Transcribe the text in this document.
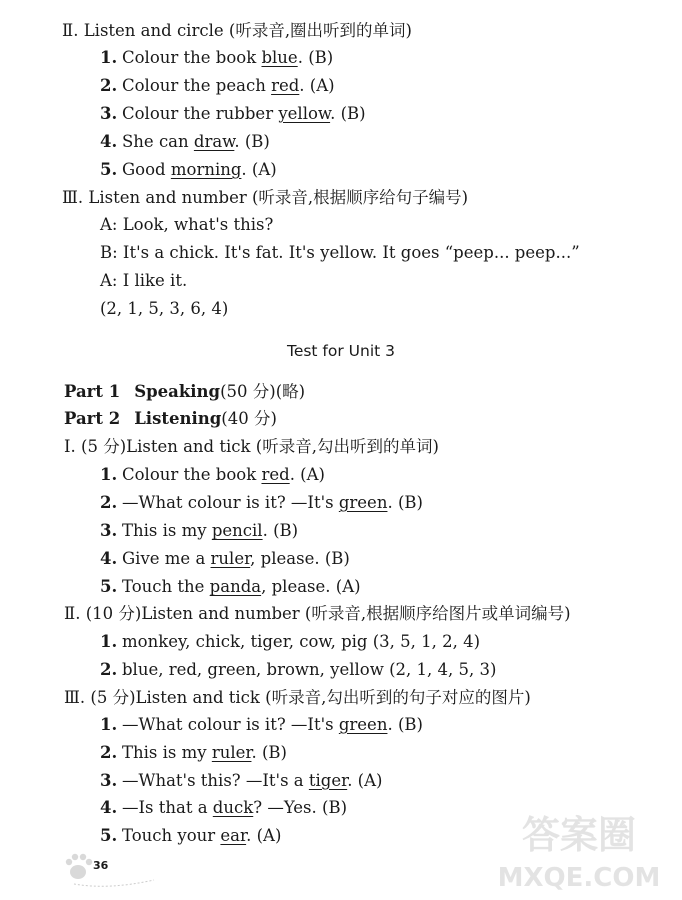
Ⅱ. Listen and circle (听录音,圈出听到的单词)
1. Colour the book blue. (B)
2. Colour the peach red. (A)
3. Colour the rubber yellow. (B)
4. She can draw. (B)
5. Good morning. (A)
Ⅲ. Listen and number (听录音,根据顺序给句子编号)
A: Look, what's this?
B: It's a chick. It's fat. It's yellow. It goes “peep... peep...”
A: I like it.
(2, 1, 5, 3, 6, 4)
Test for Unit 3
Part 1 Speaking(50 分)(略)
Part 2 Listening(40 分)
Ⅰ. (5 分)Listen and tick (听录音,勾出听到的单词)
1. Colour the book red. (A)
2. —What colour is it? —It's green. (B)
3. This is my pencil. (B)
4. Give me a ruler, please. (B)
5. Touch the panda, please. (A)
Ⅱ. (10 分)Listen and number (听录音,根据顺序给图片或单词编号)
1. monkey, chick, tiger, cow, pig (3, 5, 1, 2, 4)
2. blue, red, green, brown, yellow (2, 1, 4, 5, 3)
Ⅲ. (5 分)Listen and tick (听录音,勾出听到的句子对应的图片)
1. —What colour is it? —It's green. (B)
2. This is my ruler. (B)
3. —What's this? —It's a tiger. (A)
4. —Is that a duck? —Yes. (B)
5. Touch your ear. (A)
36
答案圈
MXQE.COM
